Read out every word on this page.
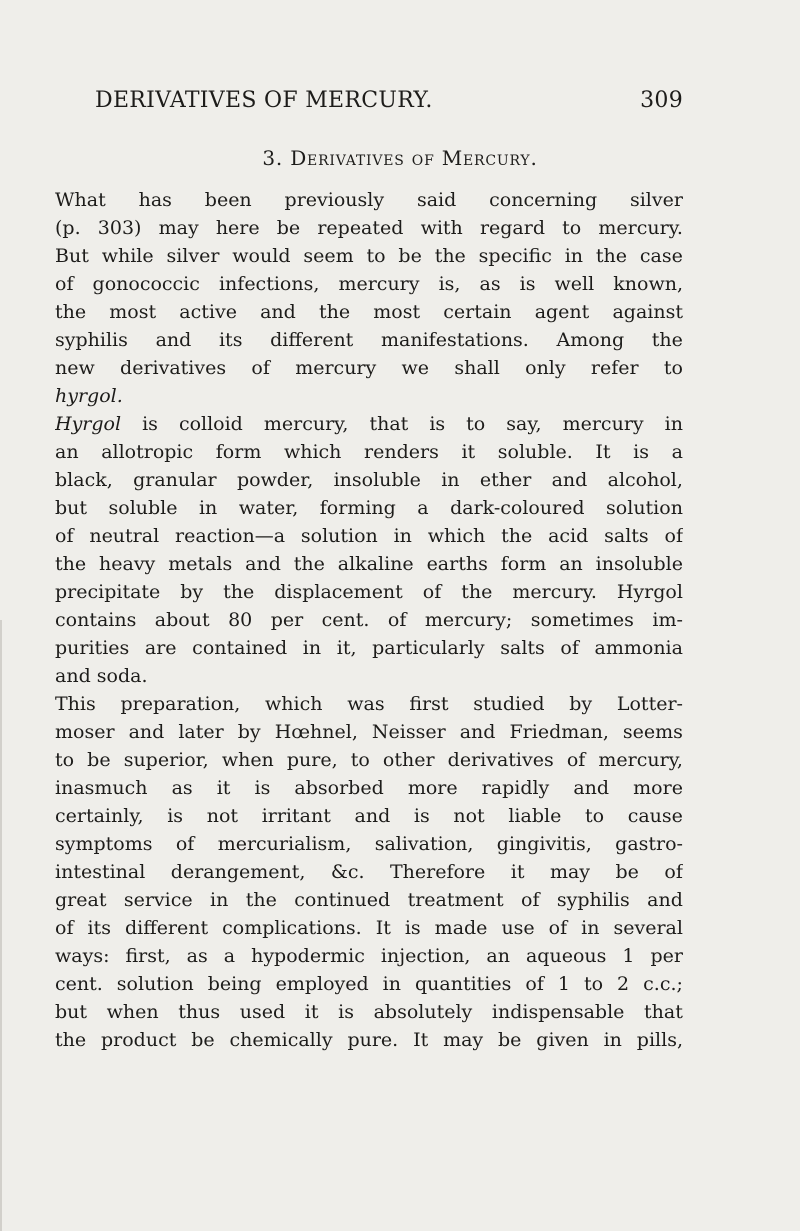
DERIVATIVES OF MERCURY.	309
3. Derivatives of Mercury.
What has been previously said concerning silver
(p. 303) may here be repeated with regard to mercury.
But while silver would seem to be the specific in the case
of gonococcic infections, mercury is, as is well known,
the most active and the most certain agent against
syphilis and its different manifestations. Among the
new derivatives of mercury we shall only refer to
hyrgol.
Hyrgol is colloid mercury, that is to say, mercury in
an allotropic form which renders it soluble. It is a
black, granular powder, insoluble in ether and alcohol,
but soluble in water, forming a dark-coloured solution
of neutral reaction—a solution in which the acid salts of
the heavy metals and the alkaline earths form an insoluble
precipitate by the displacement of the mercury. Hyrgol
contains about 80 per cent. of mercury; sometimes im-
purities are contained in it, particularly salts of ammonia
and soda.
This preparation, which was first studied by Lotter-
moser and later by Hœhnel, Neisser and Friedman, seems
to be superior, when pure, to other derivatives of mercury,
inasmuch as it is absorbed more rapidly and more
certainly, is not irritant and is not liable to cause
symptoms of mercurialism, salivation, gingivitis, gastro-
intestinal derangement, &c. Therefore it may be of
great service in the continued treatment of syphilis and
of its different complications. It is made use of in several
ways: first, as a hypodermic injection, an aqueous 1 per
cent. solution being employed in quantities of 1 to 2 c.c.;
but when thus used it is absolutely indispensable that
the product be chemically pure. It may be given in pills,
